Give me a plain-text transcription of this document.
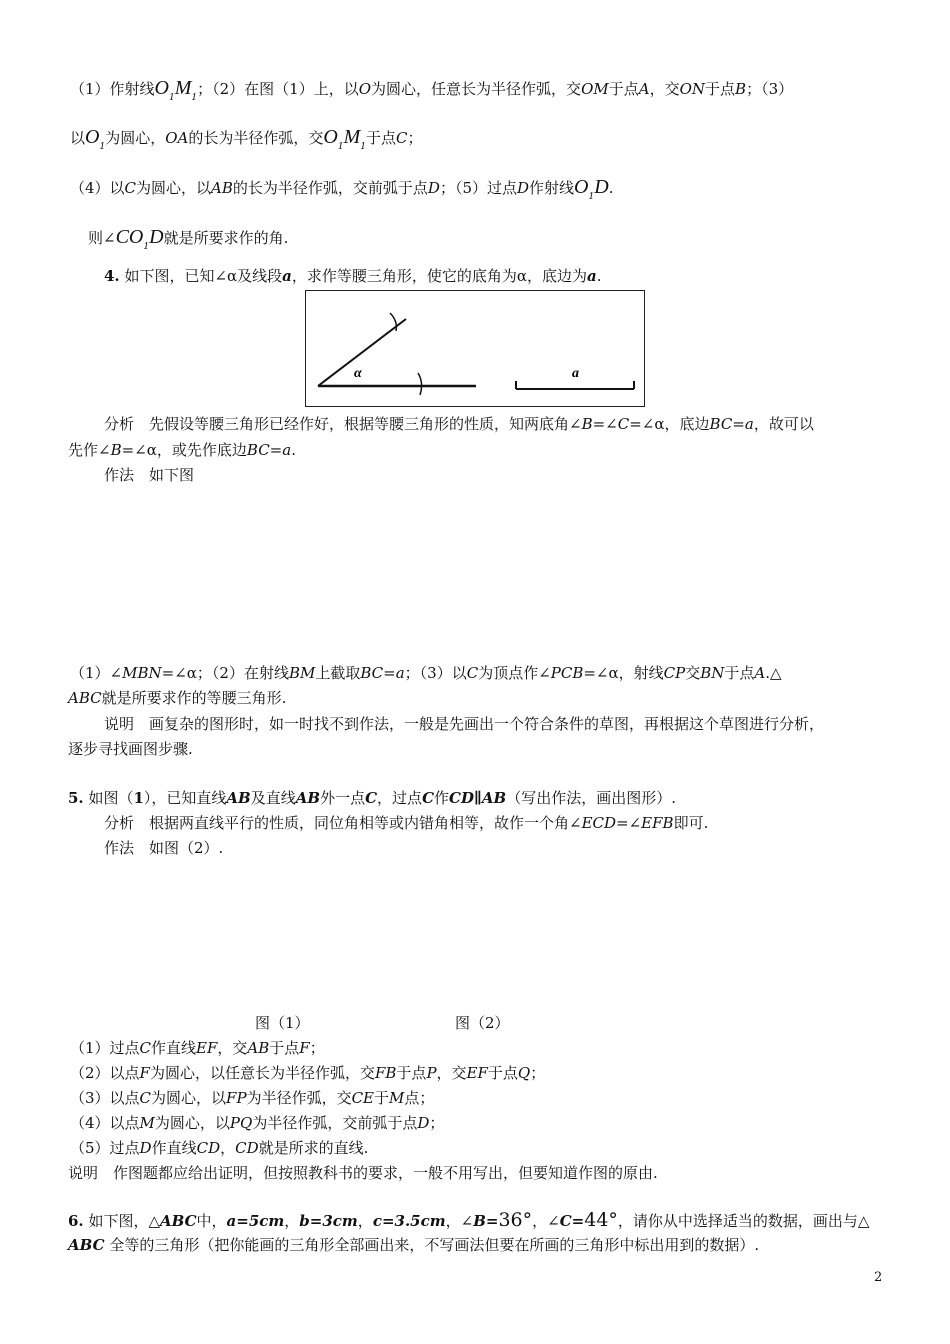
（1）作射线$O_1M_1$；（2）在图（1）上，以O为圆心，任意长为半径作弧，交OM于点A，交ON于点B；（3）
以$O_1$为圆心，OA的长为半径作弧，交$O_1M_1$于点C；
（4）以C为圆心，以AB的长为半径作弧，交前弧于点D；（5）过点D作射线$O_1D$.
则$\angle CO_1D$就是所要求作的角.
4. 如下图，已知∠α及线段a，求作等腰三角形，使它的底角为α，底边为a.
α	a
分析　先假设等腰三角形已经作好，根据等腰三角形的性质，知两底角∠B=∠C=∠α，底边BC=a，故可以
先作∠B=∠α，或先作底边BC=a.
作法　如下图
（1）∠MBN=∠α；（2）在射线BM上截取BC=a；（3）以C为顶点作∠PCB=∠α，射线CP交BN于点A.△
ABC就是所要求作的等腰三角形.
说明　画复杂的图形时，如一时找不到作法，一般是先画出一个符合条件的草图，再根据这个草图进行分析，
逐步寻找画图步骤.
5. 如图（1），已知直线AB及直线AB外一点C，过点C作CD∥AB（写出作法，画出图形）.
分析　根据两直线平行的性质，同位角相等或内错角相等，故作一个角∠ECD=∠EFB即可.
作法　如图（2）.
图（1）	图（2）
（1）过点C作直线EF，交AB于点F；
（2）以点F为圆心，以任意长为半径作弧，交FB于点P，交EF于点Q；
（3）以点C为圆心，以FP为半径作弧，交CE于M点；
（4）以点M为圆心，以PQ为半径作弧，交前弧于点D；
（5）过点D作直线CD，CD就是所求的直线.
说明　作图题都应给出证明，但按照教科书的要求，一般不用写出，但要知道作图的原由.
6. 如下图，△ABC中，a=5cm，b=3cm，c=3.5cm，∠B=36°，∠C=44°，请你从中选择适当的数据，画出与△
ABC 全等的三角形（把你能画的三角形全部画出来，不写画法但要在所画的三角形中标出用到的数据）.
2
